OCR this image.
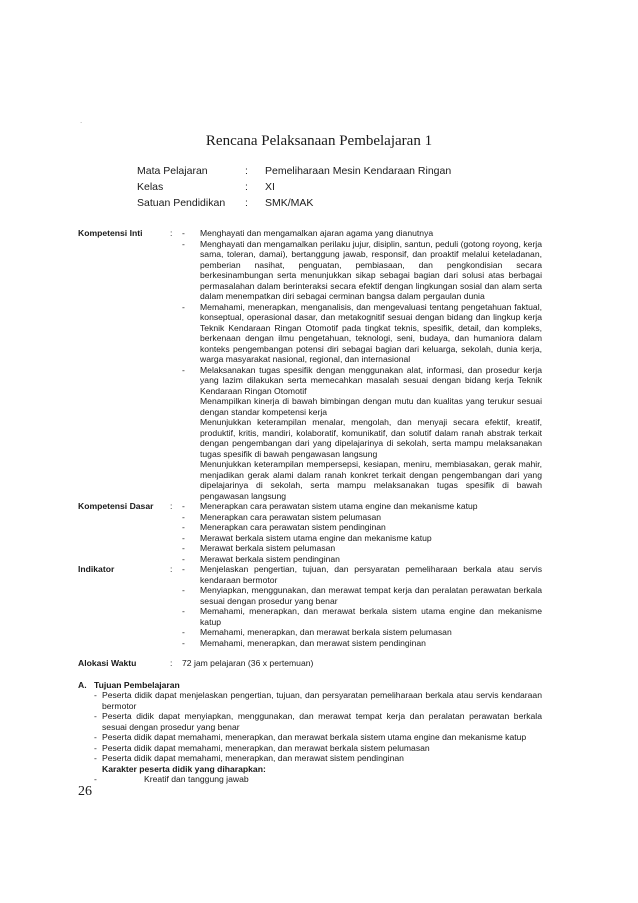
.
Rencana Pelaksanaan Pembelajaran 1
Mata Pelajaran	:	Pemeliharaan Mesin Kendaraan Ringan
Kelas	:	XI
Satuan Pendidikan	:	SMK/MAK
Kompetensi Inti	:	-	Menghayati dan mengamalkan ajaran agama yang dianutnya
-	Menghayati dan mengamalkan perilaku jujur, disiplin, santun, peduli (gotong royong, kerja sama, toleran, damai), bertanggung jawab, responsif, dan proaktif melalui keteladanan, pemberian nasihat, penguatan, pembiasaan, dan pengkondisian secara berkesinambungan serta menunjukkan sikap sebagai bagian dari solusi atas berbagai permasalahan dalam berinteraksi secara efektif dengan lingkungan sosial dan alam serta dalam menempatkan diri sebagai cerminan bangsa dalam pergaulan dunia
-	Memahami, menerapkan, menganalisis, dan mengevaluasi tentang pengetahuan faktual, konseptual, operasional dasar, dan metakognitif sesuai dengan bidang dan lingkup kerja Teknik Kendaraan Ringan Otomotif pada tingkat teknis, spesifik, detail, dan kompleks, berkenaan dengan ilmu pengetahuan, teknologi, seni, budaya, dan humaniora dalam konteks pengembangan potensi diri sebagai bagian dari keluarga, sekolah, dunia kerja, warga masyarakat nasional, regional, dan internasional
-	Melaksanakan tugas spesifik dengan menggunakan alat, informasi, dan prosedur kerja yang lazim dilakukan serta memecahkan masalah sesuai dengan bidang kerja Teknik Kendaraan Ringan Otomotif
Menampilkan kinerja di bawah bimbingan dengan mutu dan kualitas yang terukur sesuai dengan standar kompetensi kerja
Menunjukkan keterampilan menalar, mengolah, dan menyaji secara efektif, kreatif, produktif, kritis, mandiri, kolaboratif, komunikatif, dan solutif dalam ranah abstrak terkait dengan pengembangan dari yang dipelajarinya di sekolah, serta mampu melaksanakan tugas spesifik di bawah pengawasan langsung
Menunjukkan keterampilan mempersepsi, kesiapan, meniru, membiasakan, gerak mahir, menjadikan gerak alami dalam ranah konkret terkait dengan pengembangan dari yang dipelajarinya di sekolah, serta mampu melaksanakan tugas spesifik di bawah pengawasan langsung
Kompetensi Dasar	:	-	Menerapkan cara perawatan sistem utama engine dan mekanisme katup
-	Menerapkan cara perawatan sistem pelumasan
-	Menerapkan cara perawatan sistem pendinginan
-	Merawat berkala sistem utama engine dan mekanisme katup
-	Merawat berkala sistem pelumasan
-	Merawat berkala sistem pendinginan
Indikator	:	-	Menjelaskan pengertian, tujuan, dan persyaratan pemeliharaan berkala atau servis kendaraan bermotor
-	Menyiapkan, menggunakan, dan merawat tempat kerja dan peralatan perawatan berkala sesuai dengan prosedur yang benar
-	Memahami, menerapkan, dan merawat berkala sistem utama engine dan mekanisme katup
-	Memahami, menerapkan, dan merawat berkala sistem pelumasan
-	Memahami, menerapkan, dan merawat sistem pendinginan
Alokasi Waktu	:	72 jam pelajaran (36 x pertemuan)
A. Tujuan Pembelajaran
- Peserta didik dapat menjelaskan pengertian, tujuan, dan persyaratan pemeliharaan berkala atau servis kendaraan bermotor
- Peserta didik dapat menyiapkan, menggunakan, dan merawat tempat kerja dan peralatan perawatan berkala sesuai dengan prosedur yang benar
- Peserta didik dapat memahami, menerapkan, dan merawat berkala sistem utama engine dan mekanisme katup
- Peserta didik dapat memahami, menerapkan, dan merawat berkala sistem pelumasan
- Peserta didik dapat memahami, menerapkan, dan merawat sistem pendinginan
Karakter peserta didik yang diharapkan:
-	Kreatif dan tanggung jawab
26
